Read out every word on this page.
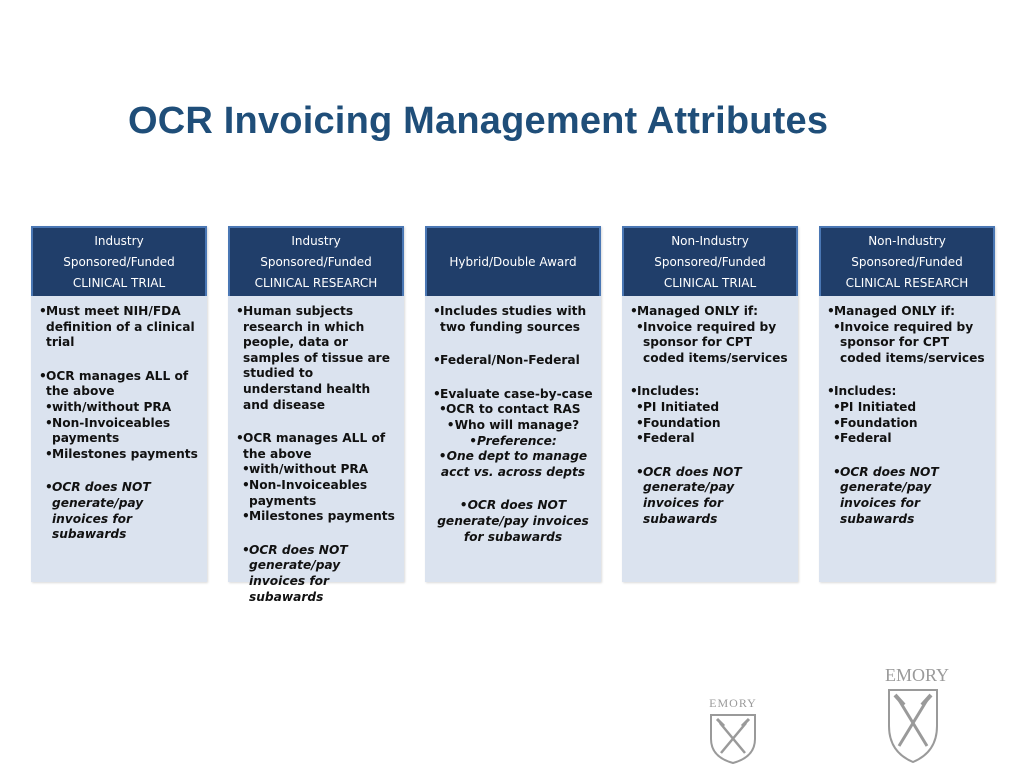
OCR Invoicing Management Attributes
Industry
Sponsored/Funded
CLINICAL TRIAL
• Must meet NIH/FDA definition of a clinical trial
• OCR manages ALL of the above
• with/without PRA
• Non-Invoiceables payments
• Milestones payments
• OCR does NOT generate/pay invoices for subawards
Industry
Sponsored/Funded
CLINICAL RESEARCH
• Human subjects research in which people, data or samples of tissue are studied to understand health and disease
• OCR manages ALL of the above
• with/without PRA
• Non-Invoiceables payments
• Milestones payments
• OCR does NOT generate/pay invoices for subawards
Hybrid/Double Award
• Includes studies with two funding sources
• Federal/Non-Federal
• Evaluate case-by-case
• OCR to contact RAS
• Who will manage?
• Preference:
• One dept to manage acct vs. across depts
• OCR does NOT generate/pay invoices for subawards
Non-Industry
Sponsored/Funded
CLINICAL TRIAL
• Managed ONLY if:
• Invoice required by sponsor for CPT coded items/services
• Includes:
• PI Initiated
• Foundation
• Federal
• OCR does NOT generate/pay invoices for subawards
Non-Industry
Sponsored/Funded
CLINICAL RESEARCH
• Managed ONLY if:
• Invoice required by sponsor for CPT coded items/services
• Includes:
• PI Initiated
• Foundation
• Federal
• OCR does NOT generate/pay invoices for subawards
EMORY
EMORY
